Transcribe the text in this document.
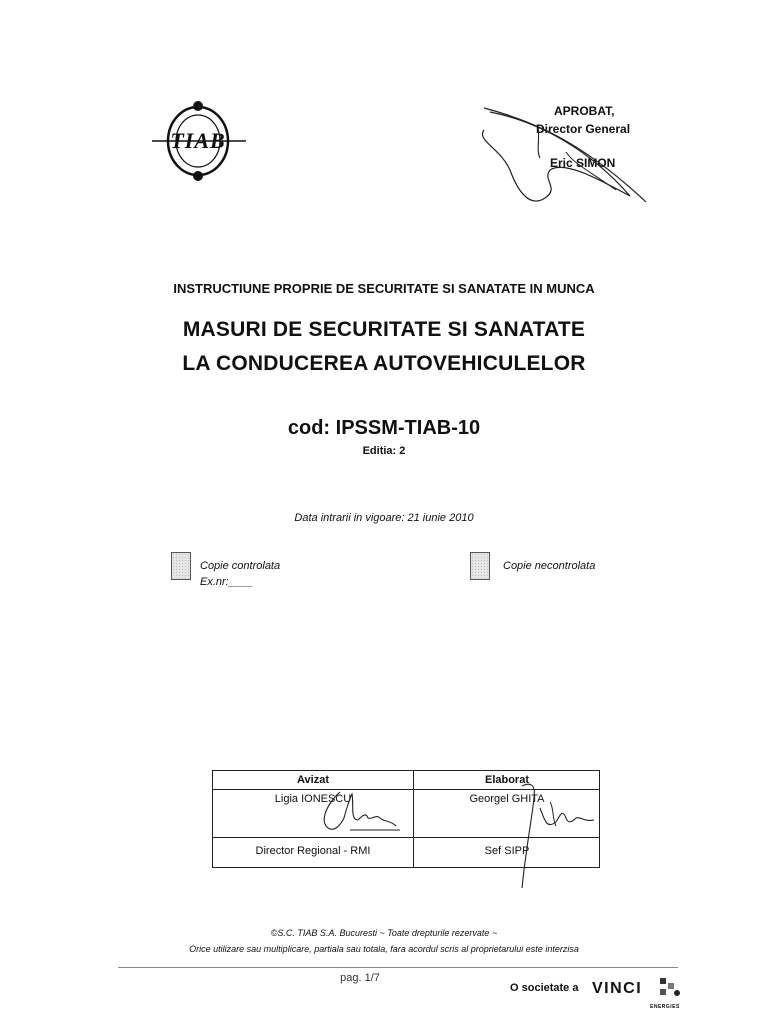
TIAB
APROBAT,
Director General
Eric SIMON
INSTRUCTIUNE PROPRIE DE SECURITATE SI SANATATE IN MUNCA
MASURI DE SECURITATE SI SANATATE
LA CONDUCEREA AUTOVEHICULELOR
cod: IPSSM-TIAB-10
Editia: 2
Data intrarii in vigoare: 21 iunie 2010
Copie controlata
Ex.nr:____
Copie necontrolata
Avizat
Ligia IONESCU
Director Regional - RMI
Elaborat
Georgel GHITA
Sef SIPP
©S.C. TIAB S.A. Bucuresti ~ Toate drepturile rezervate ~
Orice utilizare sau multiplicare, partiala sau totala, fara acordul scris al proprietarului este interzisa
pag. 1/7
O societate a VINCI
ENERGIES
